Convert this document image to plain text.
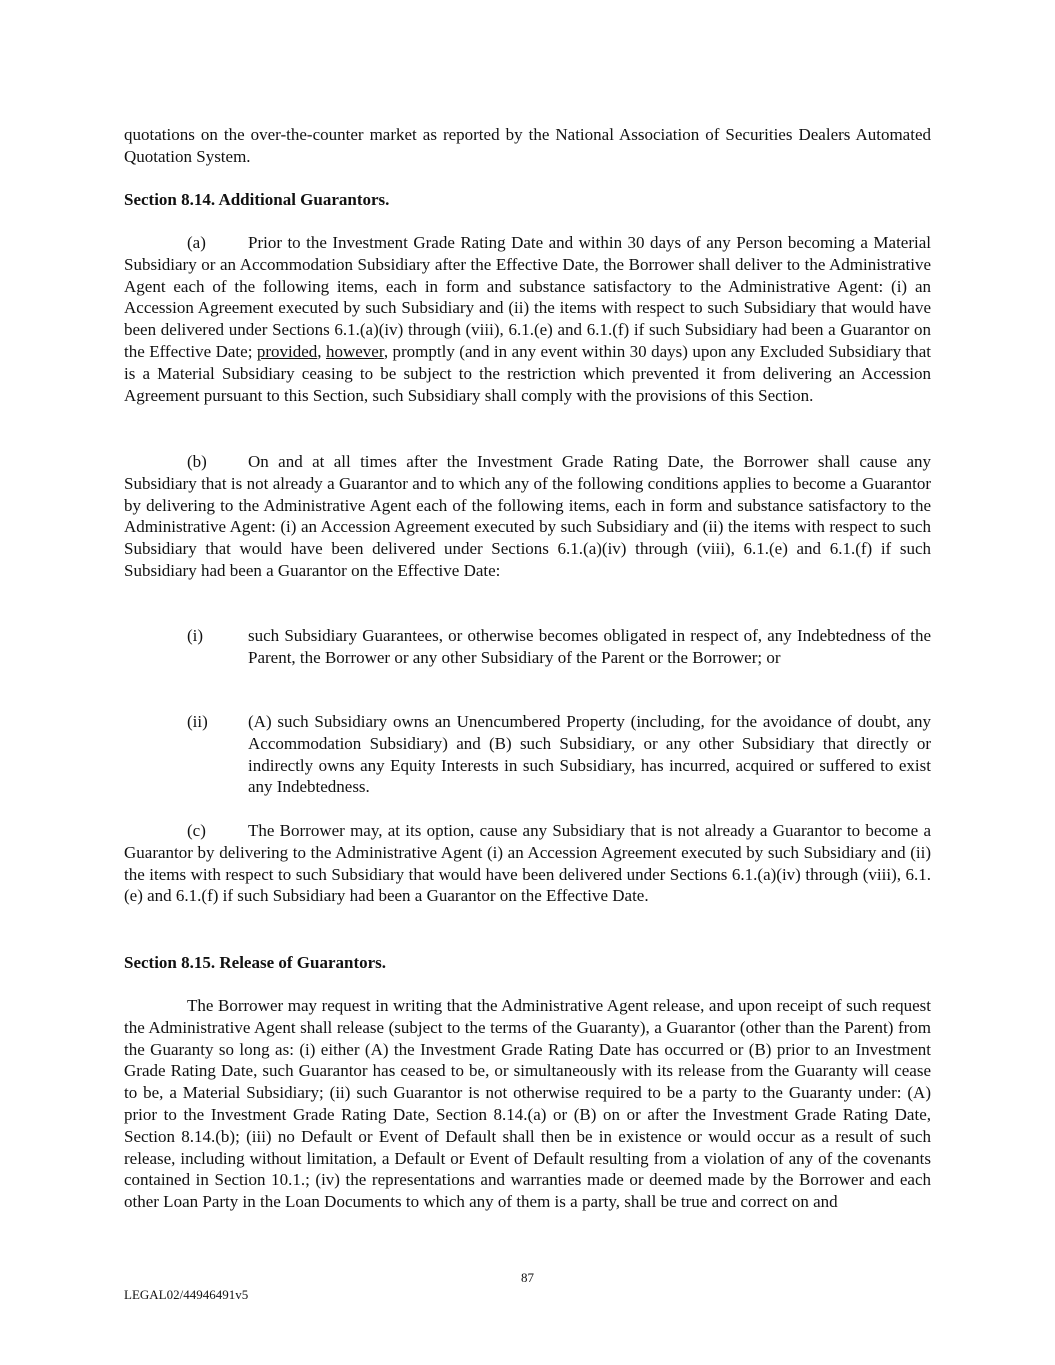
quotations on the over-the-counter market as reported by the National Association of Securities Dealers Automated Quotation System.

Section 8.14. Additional Guarantors.

(a) Prior to the Investment Grade Rating Date and within 30 days of any Person becoming a Material Subsidiary or an Accommodation Subsidiary after the Effective Date, the Borrower shall deliver to the Administrative Agent each of the following items, each in form and substance satisfactory to the Administrative Agent: (i) an Accession Agreement executed by such Subsidiary and (ii) the items with respect to such Subsidiary that would have been delivered under Sections 6.1.(a)(iv) through (viii), 6.1.(e) and 6.1.(f) if such Subsidiary had been a Guarantor on the Effective Date; provided, however, promptly (and in any event within 30 days) upon any Excluded Subsidiary that is a Material Subsidiary ceasing to be subject to the restriction which prevented it from delivering an Accession Agreement pursuant to this Section, such Subsidiary shall comply with the provisions of this Section.

(b) On and at all times after the Investment Grade Rating Date, the Borrower shall cause any Subsidiary that is not already a Guarantor and to which any of the following conditions applies to become a Guarantor by delivering to the Administrative Agent each of the following items, each in form and substance satisfactory to the Administrative Agent: (i) an Accession Agreement executed by such Subsidiary and (ii) the items with respect to such Subsidiary that would have been delivered under Sections 6.1.(a)(iv) through (viii), 6.1.(e) and 6.1.(f) if such Subsidiary had been a Guarantor on the Effective Date:

(i)	such Subsidiary Guarantees, or otherwise becomes obligated in respect of, any Indebtedness of the Parent, the Borrower or any other Subsidiary of the Parent or the Borrower; or
(ii) (A) such Subsidiary owns an Unencumbered Property (including, for the avoidance of doubt, any Accommodation Subsidiary) and (B) such Subsidiary, or any other Subsidiary that directly or indirectly owns any Equity Interests in such Subsidiary, has incurred, acquired or suffered to exist any Indebtedness.

(c) The Borrower may, at its option, cause any Subsidiary that is not already a Guarantor to become a Guarantor by delivering to the Administrative Agent (i) an Accession Agreement executed by such Subsidiary and (ii) the items with respect to such Subsidiary that would have been delivered under Sections 6.1.(a)(iv) through (viii), 6.1.(e) and 6.1.(f) if such Subsidiary had been a Guarantor on the Effective Date.

Section 8.15. Release of Guarantors.

The Borrower may request in writing that the Administrative Agent release, and upon receipt of such request the Administrative Agent shall release (subject to the terms of the Guaranty), a Guarantor (other than the Parent) from the Guaranty so long as: (i) either (A) the Investment Grade Rating Date has occurred or (B) prior to an Investment Grade Rating Date, such Guarantor has ceased to be, or simultaneously with its release from the Guaranty will cease to be, a Material Subsidiary; (ii) such Guarantor is not otherwise required to be a party to the Guaranty under: (A) prior to the Investment Grade Rating Date, Section 8.14.(a) or (B) on or after the Investment Grade Rating Date, Section 8.14.(b); (iii) no Default or Event of Default shall then be in existence or would occur as a result of such release, including without limitation, a Default or Event of Default resulting from a violation of any of the covenants contained in Section 10.1.; (iv) the representations and warranties made or deemed made by the Borrower and each other Loan Party in the Loan Documents to which any of them is a party, shall be true and correct on and

87
LEGAL02/44946491v5
